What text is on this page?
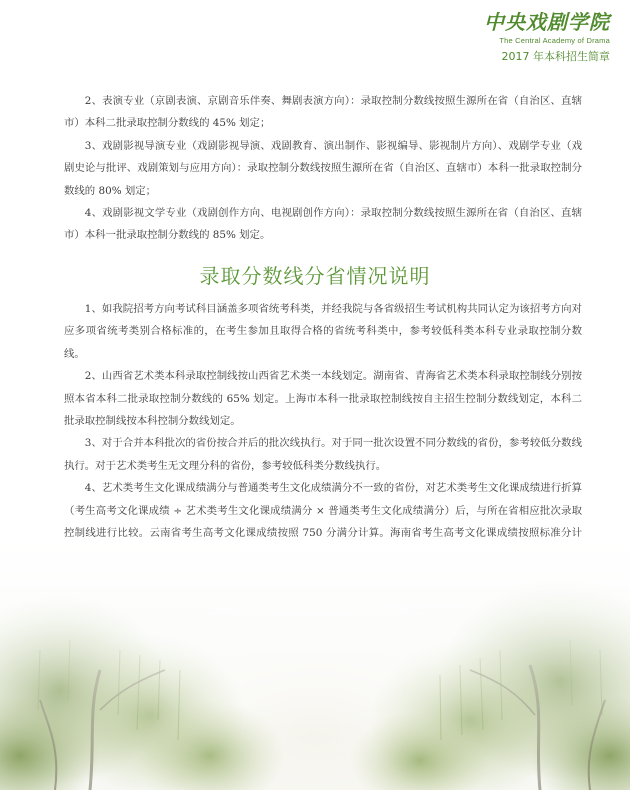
中央戏剧学院
The Central Academy of Drama
2017 年本科招生简章

2、表演专业（京剧表演、京剧音乐伴奏、舞剧表演方向）：录取控制分数线按照生源所在省（自治区、直辖市）本科二批录取控制分数线的 45% 划定；

3、戏剧影视导演专业（戏剧影视导演、戏剧教育、演出制作、影视编导、影视制片方向）、戏剧学专业（戏剧史论与批评、戏剧策划与应用方向）：录取控制分数线按照生源所在省（自治区、直辖市）本科一批录取控制分数线的 80% 划定；

4、戏剧影视文学专业（戏剧创作方向、电视剧创作方向）：录取控制分数线按照生源所在省（自治区、直辖市）本科一批录取控制分数线的 85% 划定。

录取分数线分省情况说明

1、如我院招考方向考试科目涵盖多项省统考科类，并经我院与各省级招生考试机构共同认定为该招考方向对应多项省统考类别合格标准的，在考生参加且取得合格的省统考科类中，参考较低科类本科专业录取控制分数线。

2、山西省艺术类本科录取控制线按山西省艺术类一本线划定。湖南省、青海省艺术类本科录取控制线分别按照本省本科二批录取控制分数线的 65% 划定。上海市本科一批录取控制线按自主招生控制分数线划定，本科二批录取控制线按本科控制分数线划定。

3、对于合并本科批次的省份按合并后的批次线执行。对于同一批次设置不同分数线的省份，参考较低分数线执行。对于艺术类考生无文理分科的省份，参考较低科类分数线执行。

4、艺术类考生文化课成绩满分与普通类考生文化成绩满分不一致的省份，对艺术类考生文化课成绩进行折算（考生高考文化课成绩 ÷ 艺术类考生文化课成绩满分 × 普通类考生文化成绩满分）后，与所在省相应批次录取控制线进行比较。云南省考生高考文化课成绩按照 750 分满分计算。海南省考生高考文化课成绩按照标准分计
